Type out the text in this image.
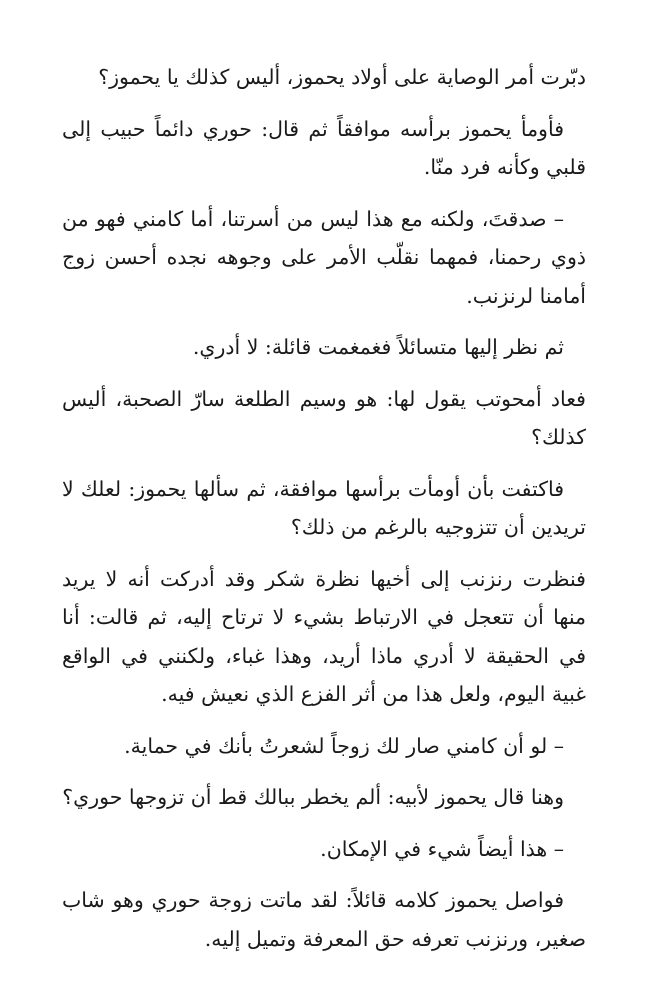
دبّرت أمر الوصاية على أولاد يحموز، أليس كذلك يا يحموز؟

فأومأ يحموز برأسه موافقاً ثم قال: حوري دائماً حبيب إلى قلبي وكأنه فرد منّا.

– صدقتَ، ولكنه مع هذا ليس من أسرتنا، أما كامني فهو من ذوي رحمنا، فمهما نقلّب الأمر على وجوهه نجده أحسن زوج أمامنا لرنزنب.

ثم نظر إليها متسائلاً فغمغمت قائلة: لا أدري.

فعاد أمحوتب يقول لها: هو وسيم الطلعة سارّ الصحبة، أليس كذلك؟

فاكتفت بأن أومأت برأسها موافقة، ثم سألها يحموز: لعلك لا تريدين أن تتزوجيه بالرغم من ذلك؟

فنظرت رنزنب إلى أخيها نظرة شكر وقد أدركت أنه لا يريد منها أن تتعجل في الارتباط بشيء لا ترتاح إليه، ثم قالت: أنا في الحقيقة لا أدري ماذا أريد، وهذا غباء، ولكنني في الواقع غبية اليوم، ولعل هذا من أثر الفزع الذي نعيش فيه.

– لو أن كامني صار لك زوجاً لشعرتُ بأنك في حماية.

وهنا قال يحموز لأبيه: ألم يخطر ببالك قط أن تزوجها حوري؟

– هذا أيضاً شيء في الإمكان.

فواصل يحموز كلامه قائلاً: لقد ماتت زوجة حوري وهو شاب صغير، ورنزنب تعرفه حق المعرفة وتميل إليه.
